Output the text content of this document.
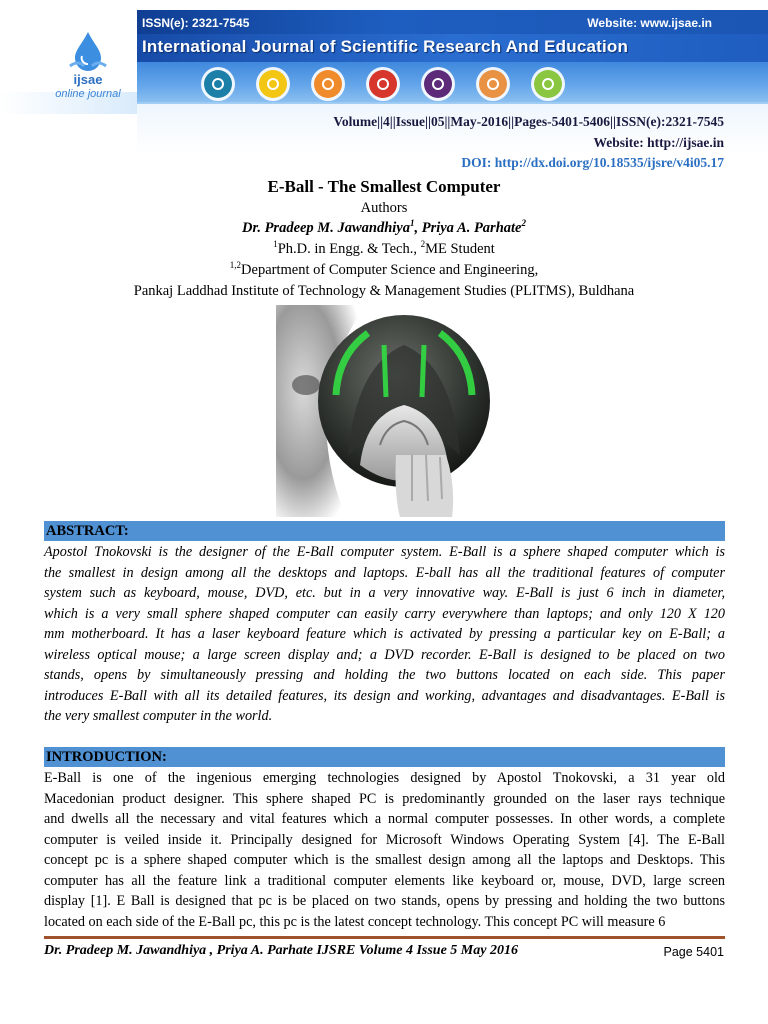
ijsae
online journal
ISSN(e): 2321-7545	Website: www.ijsae.in
International Journal of Scientific Research And Education
Volume||4||Issue||05||May-2016||Pages-5401-5406||ISSN(e):2321-7545
Website: http://ijsae.in
DOI: http://dx.doi.org/10.18535/ijsre/v4i05.17
E-Ball - The Smallest Computer
Authors
Dr. Pradeep M. Jawandhiya$^1$, Priya A. Parhate$^2$
$^1$Ph.D. in Engg. & Tech., $^2$ME Student
$^{1,2}$Department of Computer Science and Engineering,
Pankaj Laddhad Institute of Technology & Management Studies (PLITMS), Buldhana
ABSTRACT:
Apostol Tnokovski is the designer of the E-Ball computer system. E-Ball is a sphere shaped computer which is
the smallest in design among all the desktops and laptops. E-ball has all the traditional features of computer
system such as keyboard, mouse, DVD, etc. but in a very innovative way. E-Ball is just 6 inch in diameter,
which is a very small sphere shaped computer can easily carry everywhere than laptops; and only 120 X 120
mm motherboard. It has a laser keyboard feature which is activated by pressing a particular key on E-Ball; a
wireless optical mouse; a large screen display and; a DVD recorder. E-Ball is designed to be placed on two
stands, opens by simultaneously pressing and holding the two buttons located on each side. This paper
introduces E-Ball with all its detailed features, its design and working, advantages and disadvantages. E-Ball is
the very smallest computer in the world.
INTRODUCTION:
E-Ball is one of the ingenious emerging technologies designed by Apostol Tnokovski, a 31 year old
Macedonian product designer. This sphere shaped PC is predominantly grounded on the laser rays technique
and dwells all the necessary and vital features which a normal computer possesses. In other words, a complete
computer is veiled inside it. Principally designed for Microsoft Windows Operating System [4]. The E-Ball
concept pc is a sphere shaped computer which is the smallest design among all the laptops and Desktops. This
computer has all the feature link a traditional computer elements like keyboard or, mouse, DVD, large screen
display [1]. E Ball is designed that pc is be placed on two stands, opens by pressing and holding the two buttons
located on each side of the E-Ball pc, this pc is the latest concept technology. This concept PC will measure 6
Dr. Pradeep M. Jawandhiya , Priya A. Parhate IJSRE Volume 4 Issue 5 May 2016	Page 5401
